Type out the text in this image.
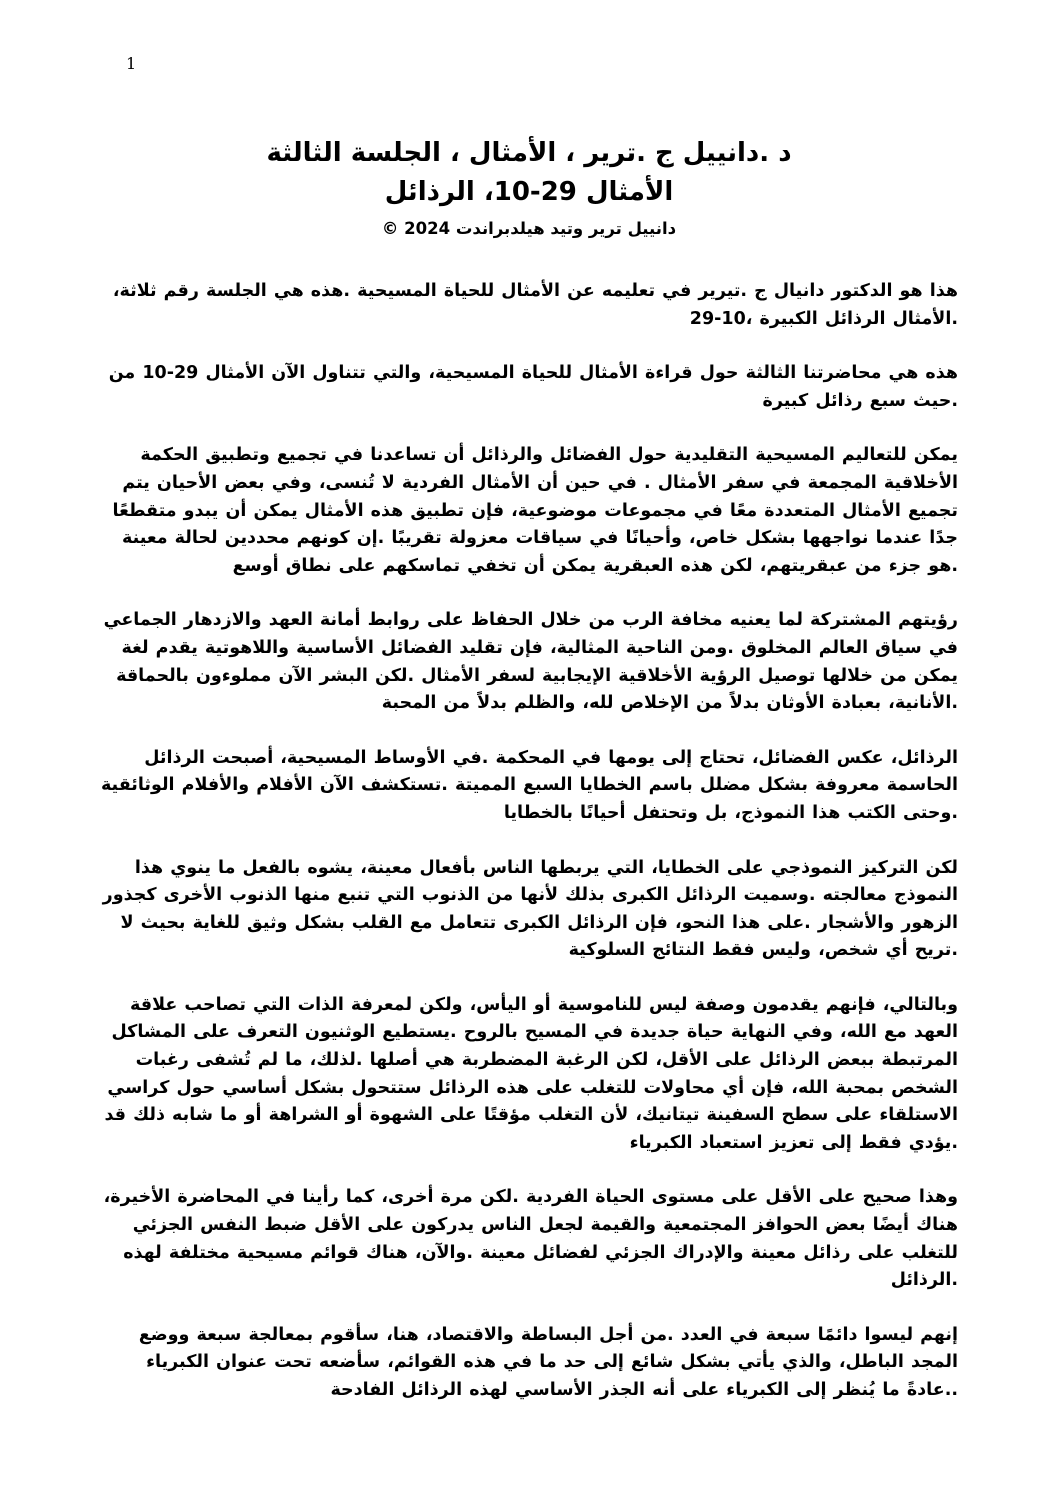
1
د .دانييل ج .ترير ، الأمثال ، الجلسة الثالثة
الأمثال 29-10، الرذائل
© 2024 دانييل ترير وتيد هيلدبراندت

هذا هو الدكتور دانيال ج .تيرير في تعليمه عن الأمثال للحياة المسيحية .هذه هي الجلسة رقم ثلاثة، الأمثال الرذائل الكبيرة ،10-29.

هذه هي محاضرتنا الثالثة حول قراءة الأمثال للحياة المسيحية، والتي تتناول الآن الأمثال 29-10 من حيث سبع رذائل كبيرة.

يمكن للتعاليم المسيحية التقليدية حول الفضائل والرذائل أن تساعدنا في تجميع وتطبيق الحكمة الأخلاقية المجمعة في سفر الأمثال . في حين أن الأمثال الفردية لا تُنسى، وفي بعض الأحيان يتم تجميع الأمثال المتعددة معًا في مجموعات موضوعية، فإن تطبيق هذه الأمثال يمكن أن يبدو متقطعًا جدًا عندما نواجهها بشكل خاص، وأحيانًا في سياقات معزولة تقريبًا .إن كونهم محددين لحالة معينة هو جزء من عبقريتهم، لكن هذه العبقرية يمكن أن تخفي تماسكهم على نطاق أوسع.

رؤيتهم المشتركة لما يعنيه مخافة الرب من خلال الحفاظ على روابط أمانة العهد والازدهار الجماعي في سياق العالم المخلوق .ومن الناحية المثالية، فإن تقليد الفضائل الأساسية واللاهوتية يقدم لغة يمكن من خلالها توصيل الرؤية الأخلاقية الإيجابية لسفر الأمثال .لكن البشر الآن مملوءون بالحماقة الأنانية، بعبادة الأوثان بدلاً من الإخلاص لله، والظلم بدلاً من المحبة.

الرذائل، عكس الفضائل، تحتاج إلى يومها في المحكمة .في الأوساط المسيحية، أصبحت الرذائل الحاسمة معروفة بشكل مضلل باسم الخطايا السبع المميتة .تستكشف الآن الأفلام والأفلام الوثائقية وحتى الكتب هذا النموذج، بل وتحتفل أحيانًا بالخطايا.

لكن التركيز النموذجي على الخطايا، التي يربطها الناس بأفعال معينة، يشوه بالفعل ما ينوي هذا النموذج معالجته .وسميت الرذائل الكبرى بذلك لأنها من الذنوب التي تنبع منها الذنوب الأخرى كجذور الزهور والأشجار .على هذا النحو، فإن الرذائل الكبرى تتعامل مع القلب بشكل وثيق للغاية بحيث لا تريح أي شخص، وليس فقط النتائج السلوكية.

وبالتالي، فإنهم يقدمون وصفة ليس للناموسية أو اليأس، ولكن لمعرفة الذات التي تصاحب علاقة العهد مع الله، وفي النهاية حياة جديدة في المسيح بالروح .يستطيع الوثنيون التعرف على المشاكل المرتبطة ببعض الرذائل على الأقل، لكن الرغبة المضطربة هي أصلها .لذلك، ما لم تُشفى رغبات الشخص بمحبة الله، فإن أي محاولات للتغلب على هذه الرذائل ستتحول بشكل أساسي حول كراسي الاستلقاء على سطح السفينة تيتانيك، لأن التغلب مؤقتًا على الشهوة أو الشراهة أو ما شابه ذلك قد يؤدي فقط إلى تعزيز استعباد الكبرياء.

وهذا صحيح على الأقل على مستوى الحياة الفردية .لكن مرة أخرى، كما رأينا في المحاضرة الأخيرة، هناك أيضًا بعض الحوافز المجتمعية والقيمة لجعل الناس يدركون على الأقل ضبط النفس الجزئي للتغلب على رذائل معينة والإدراك الجزئي لفضائل معينة .والآن، هناك قوائم مسيحية مختلفة لهذه الرذائل.

إنهم ليسوا دائمًا سبعة في العدد .من أجل البساطة والاقتصاد، هنا، سأقوم بمعالجة سبعة ووضع المجد الباطل، والذي يأتي بشكل شائع إلى حد ما في هذه القوائم، سأضعه تحت عنوان الكبرياء .عادةً ما يُنظر إلى الكبرياء على أنه الجذر الأساسي لهذه الرذائل الفادحة.
